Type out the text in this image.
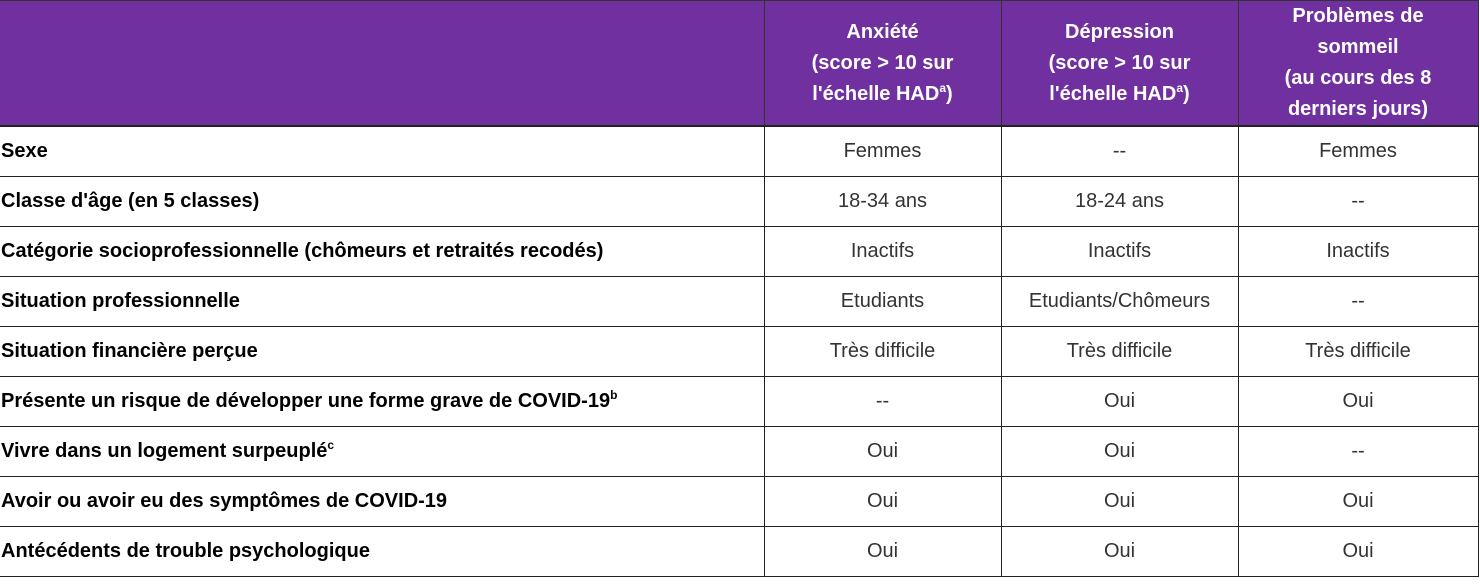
	Anxiété
(score > 10 sur
l'échelle HAD$^a$)	Dépression
(score > 10 sur
l'échelle HAD$^a$)	Problèmes de
sommeil
(au cours des 8
derniers jours)
Sexe	Femmes	--	Femmes
Classe d'âge (en 5 classes)	18-34 ans	18-24 ans	--
Catégorie socioprofessionnelle (chômeurs et retraités recodés)	Inactifs	Inactifs	Inactifs
Situation professionnelle	Etudiants	Etudiants/Chômeurs	--
Situation financière perçue	Très difficile	Très difficile	Très difficile
Présente un risque de développer une forme grave de COVID-19$^b$	--	Oui	Oui
Vivre dans un logement surpeuplé$^c$	Oui	Oui	--
Avoir ou avoir eu des symptômes de COVID-19	Oui	Oui	Oui
Antécédents de trouble psychologique	Oui	Oui	Oui
